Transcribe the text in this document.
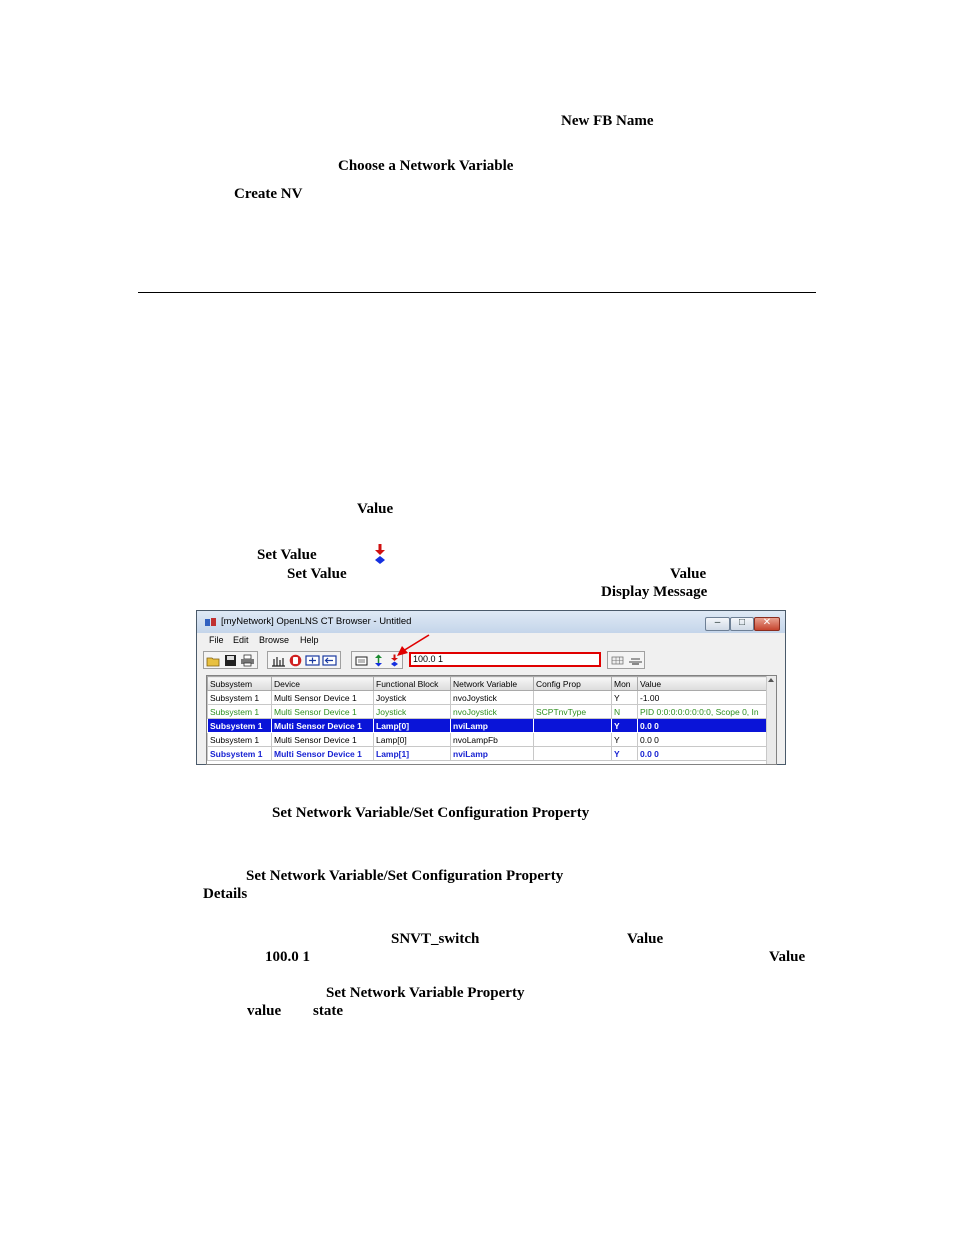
New FB Name
Choose a Network Variable
Create NV
Value
Set Value
Set Value	Value
Display Message
[myNetwork] OpenLNS CT Browser - Untitled	–	□	✕
File Edit Browse Help
100.0 1
Subsystem	Device	Functional Block	Network Variable	Config Prop	Mon	Value
Subsystem 1	Multi Sensor Device 1	Joystick	nvoJoystick		Y	-1.00
Subsystem 1	Multi Sensor Device 1	Joystick	nvoJoystick	SCPTnvType	N	PID 0:0:0:0:0:0:0:0, Scope 0, In
Subsystem 1	Multi Sensor Device 1	Lamp[0]	nviLamp		Y	0.0 0
Subsystem 1	Multi Sensor Device 1	Lamp[0]	nvoLampFb		Y	0.0 0
Subsystem 1	Multi Sensor Device 1	Lamp[1]	nviLamp		Y	0.0 0
Set Network Variable/Set Configuration Property
Set Network Variable/Set Configuration Property
Details
SNVT_switch	Value
100.0 1	Value
Set Network Variable Property
value state
